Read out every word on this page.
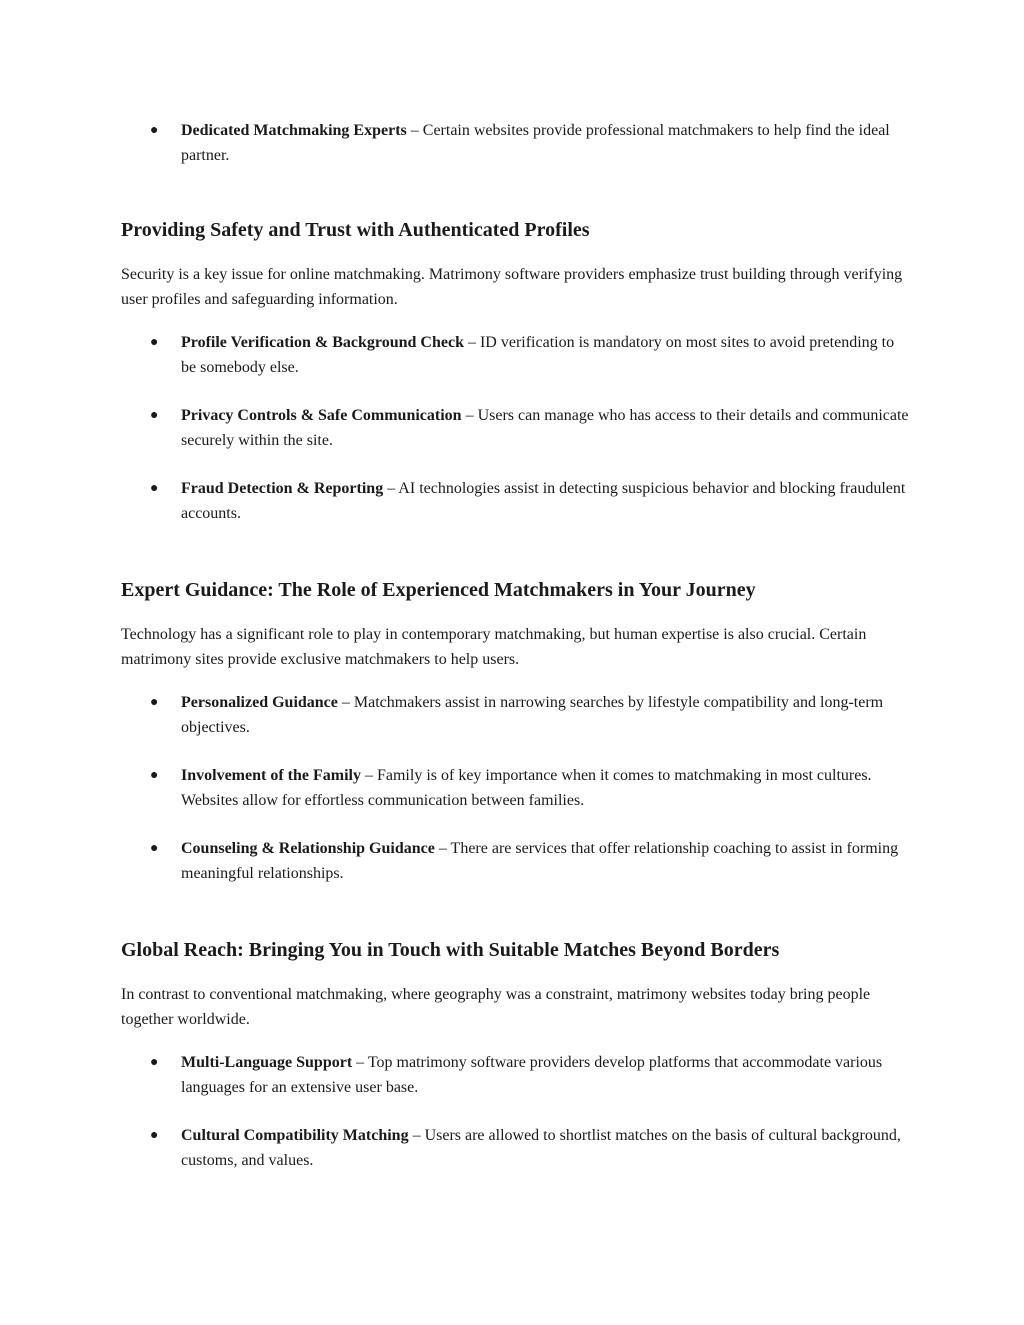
● Dedicated Matchmaking Experts – Certain websites provide professional matchmakers to help find the ideal partner.
Providing Safety and Trust with Authenticated Profiles

Security is a key issue for online matchmaking. Matrimony software providers emphasize trust building through verifying user profiles and safeguarding information.

● Profile Verification & Background Check – ID verification is mandatory on most sites to avoid pretending to be somebody else.
● Privacy Controls & Safe Communication – Users can manage who has access to their details and communicate securely within the site.
● Fraud Detection & Reporting – AI technologies assist in detecting suspicious behavior and blocking fraudulent accounts.
Expert Guidance: The Role of Experienced Matchmakers in Your Journey

Technology has a significant role to play in contemporary matchmaking, but human expertise is also crucial. Certain matrimony sites provide exclusive matchmakers to help users.

● Personalized Guidance – Matchmakers assist in narrowing searches by lifestyle compatibility and long-term objectives.
● Involvement of the Family – Family is of key importance when it comes to matchmaking in most cultures. Websites allow for effortless communication between families.
● Counseling & Relationship Guidance – There are services that offer relationship coaching to assist in forming meaningful relationships.
Global Reach: Bringing You in Touch with Suitable Matches Beyond Borders

In contrast to conventional matchmaking, where geography was a constraint, matrimony websites today bring people together worldwide.

● Multi-Language Support – Top matrimony software providers develop platforms that accommodate various languages for an extensive user base.
● Cultural Compatibility Matching – Users are allowed to shortlist matches on the basis of cultural background, customs, and values.
